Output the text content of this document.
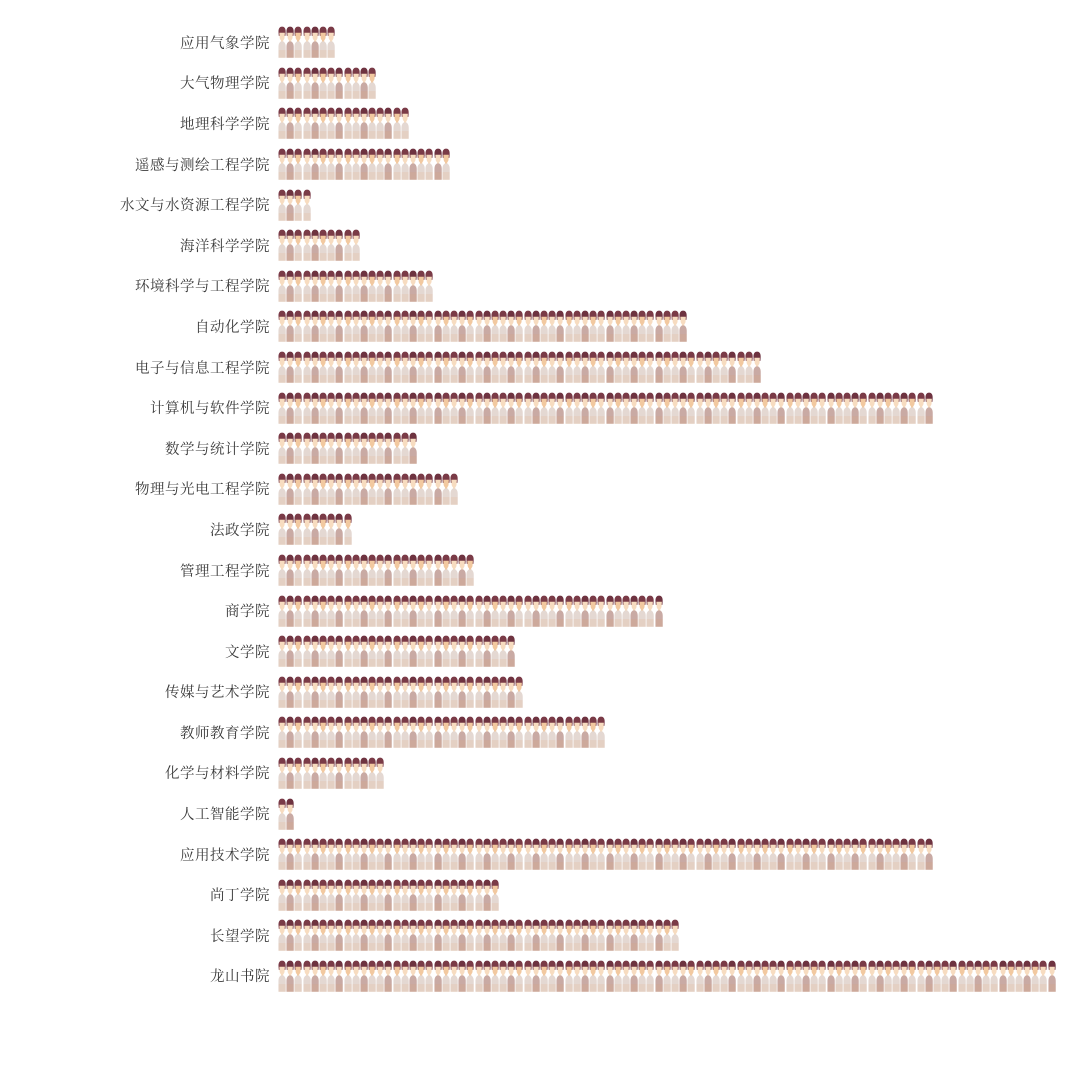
应用气象学院
大气物理学院
地理科学学院
遥感与测绘工程学院
水文与水资源工程学院
海洋科学学院
环境科学与工程学院
自动化学院
电子与信息工程学院
计算机与软件学院
数学与统计学院
物理与光电工程学院
法政学院
管理工程学院
商学院
文学院
传媒与艺术学院
教师教育学院
化学与材料学院
人工智能学院
应用技术学院
尚丁学院
长望学院
龙山书院
